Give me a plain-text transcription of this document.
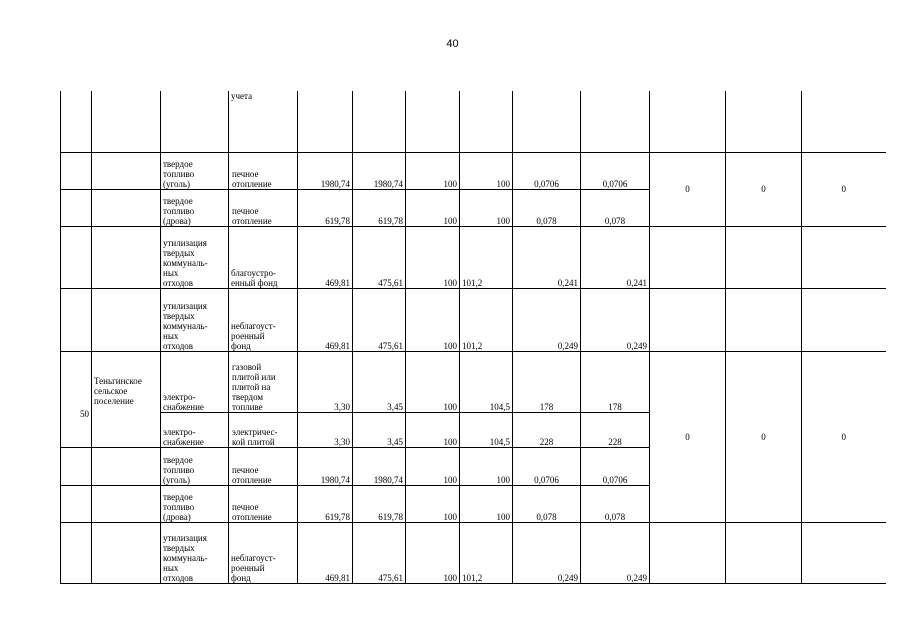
40
			учета									
		твердое
топливо
(уголь)	печное
отопление	1980,74	1980,74	100	100	0,0706	0,0706	0	0	0
		твердое
топливо
(дрова)	печное
отопление	619,78	619,78	100	100	0,078	0,078			
		утилизация
твердых
коммуналь-
ных
отходов	благоустро-
енный фонд	469,81	475,61	100	101,2	0,241	0,241			
		утилизация
твердых
коммуналь-
ных
отходов	неблагоуст-
роенный
фонд	469,81	475,61	100	101,2	0,249	0,249			
50	Теньгинское
сельское
поселение	электро-
снабжение	газовой
плитой или
плитой на
твердом
топливе	3,30	3,45	100	104,5	178	178	0	0	0
		электро-
снабжение	электричес-
кой плитой	3,30	3,45	100	104,5	228	228			
		твердое
топливо
(уголь)	печное
отопление	1980,74	1980,74	100	100	0,0706	0,0706			
		твердое
топливо
(дрова)	печное
отопление	619,78	619,78	100	100	0,078	0,078			
		утилизация
твердых
коммуналь-
ных
отходов	неблагоуст-
роенный
фонд	469,81	475,61	100	101,2	0,249	0,249			
